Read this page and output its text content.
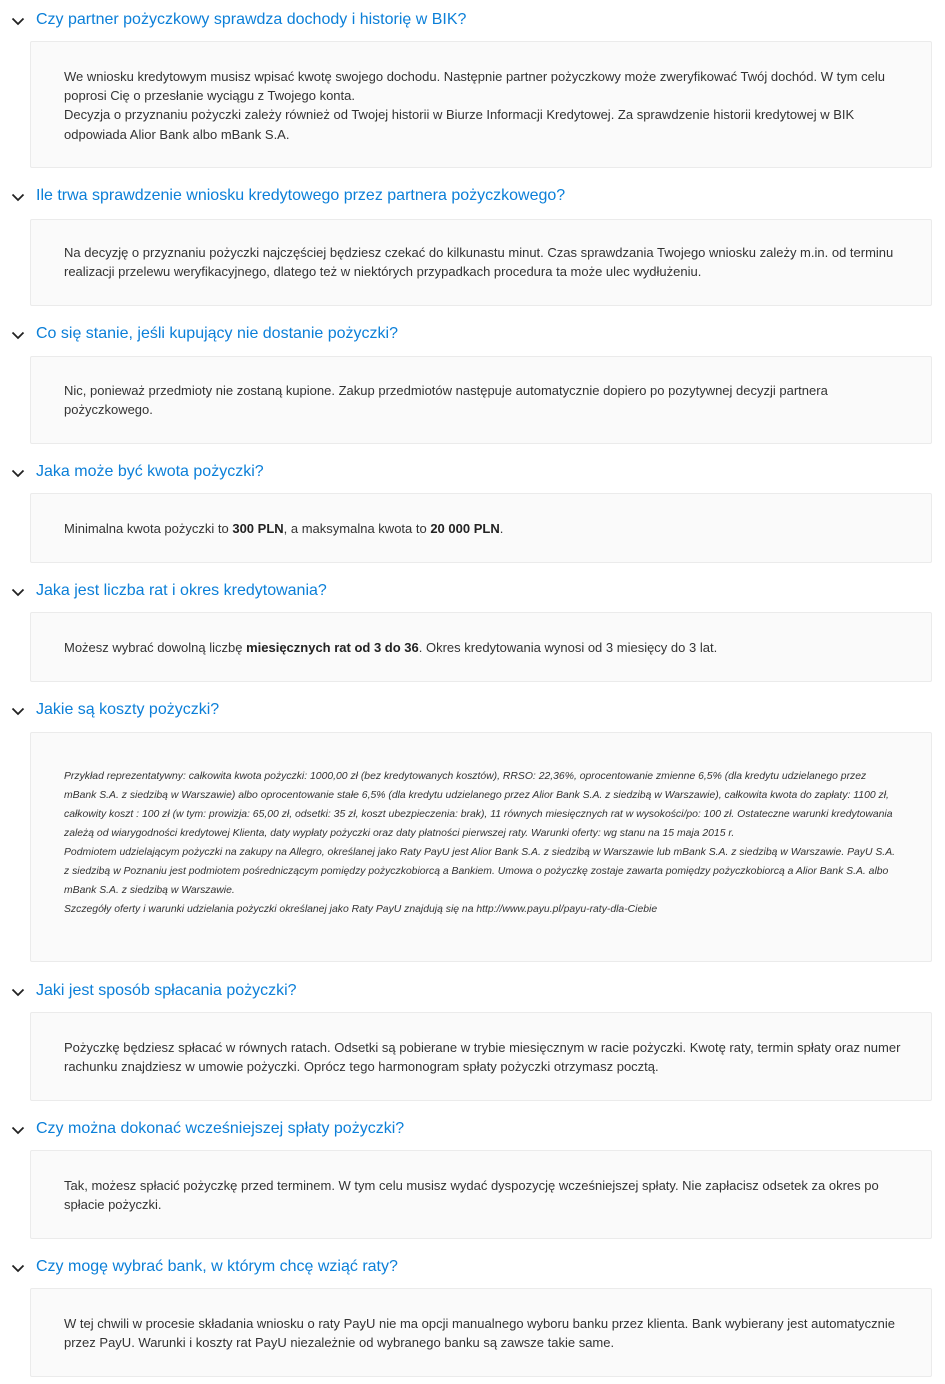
Czy partner pożyczkowy sprawdza dochody i historię w BIK?

We wniosku kredytowym musisz wpisać kwotę swojego dochodu. Następnie partner pożyczkowy może zweryfikować Twój dochód. W tym celu poprosi Cię o przesłanie wyciągu z Twojego konta.

Decyzja o przyznaniu pożyczki zależy również od Twojej historii w Biurze Informacji Kredytowej. Za sprawdzenie historii kredytowej w BIK odpowiada Alior Bank albo mBank S.A.

Ile trwa sprawdzenie wniosku kredytowego przez partnera pożyczkowego?

Na decyzję o przyznaniu pożyczki najczęściej będziesz czekać do kilkunastu minut. Czas sprawdzania Twojego wniosku zależy m.in. od terminu realizacji przelewu weryfikacyjnego, dlatego też w niektórych przypadkach procedura ta może ulec wydłużeniu.

Co się stanie, jeśli kupujący nie dostanie pożyczki?

Nic, ponieważ przedmioty nie zostaną kupione. Zakup przedmiotów następuje automatycznie dopiero po pozytywnej decyzji partnera pożyczkowego.

Jaka może być kwota pożyczki?

Minimalna kwota pożyczki to 300 PLN, a maksymalna kwota to 20 000 PLN.

Jaka jest liczba rat i okres kredytowania?

Możesz wybrać dowolną liczbę miesięcznych rat od 3 do 36. Okres kredytowania wynosi od 3 miesięcy do 3 lat.

Jakie są koszty pożyczki?

Przykład reprezentatywny: całkowita kwota pożyczki: 1000,00 zł (bez kredytowanych kosztów), RRSO: 22,36%, oprocentowanie zmienne 6,5% (dla kredytu udzielanego przez mBank S.A. z siedzibą w Warszawie) albo oprocentowanie stałe 6,5% (dla kredytu udzielanego przez Alior Bank S.A. z siedzibą w Warszawie), całkowita kwota do zapłaty: 1100 zł, całkowity koszt : 100 zł (w tym: prowizja: 65,00 zł, odsetki: 35 zł, koszt ubezpieczenia: brak), 11 równych miesięcznych rat w wysokości/po: 100 zł. Ostateczne warunki kredytowania zależą od wiarygodności kredytowej Klienta, daty wypłaty pożyczki oraz daty płatności pierwszej raty. Warunki oferty: wg stanu na 15 maja 2015 r.

Podmiotem udzielającym pożyczki na zakupy na Allegro, określanej jako Raty PayU jest Alior Bank S.A. z siedzibą w Warszawie lub mBank S.A. z siedzibą w Warszawie. PayU S.A. z siedzibą w Poznaniu jest podmiotem pośredniczącym pomiędzy pożyczkobiorcą a Bankiem. Umowa o pożyczkę zostaje zawarta pomiędzy pożyczkobiorcą a Alior Bank S.A. albo mBank S.A. z siedzibą w Warszawie.

Szczegóły oferty i warunki udzielania pożyczki określanej jako Raty PayU znajdują się na http://www.payu.pl/payu-raty-dla-Ciebie

Jaki jest sposób spłacania pożyczki?

Pożyczkę będziesz spłacać w równych ratach. Odsetki są pobierane w trybie miesięcznym w racie pożyczki. Kwotę raty, termin spłaty oraz numer rachunku znajdziesz w umowie pożyczki. Oprócz tego harmonogram spłaty pożyczki otrzymasz pocztą.

Czy można dokonać wcześniejszej spłaty pożyczki?

Tak, możesz spłacić pożyczkę przed terminem. W tym celu musisz wydać dyspozycję wcześniejszej spłaty. Nie zapłacisz odsetek za okres po spłacie pożyczki.

Czy mogę wybrać bank, w którym chcę wziąć raty?

W tej chwili w procesie składania wniosku o raty PayU nie ma opcji manualnego wyboru banku przez klienta. Bank wybierany jest automatycznie przez PayU. Warunki i koszty rat PayU niezależnie od wybranego banku są zawsze takie same.
